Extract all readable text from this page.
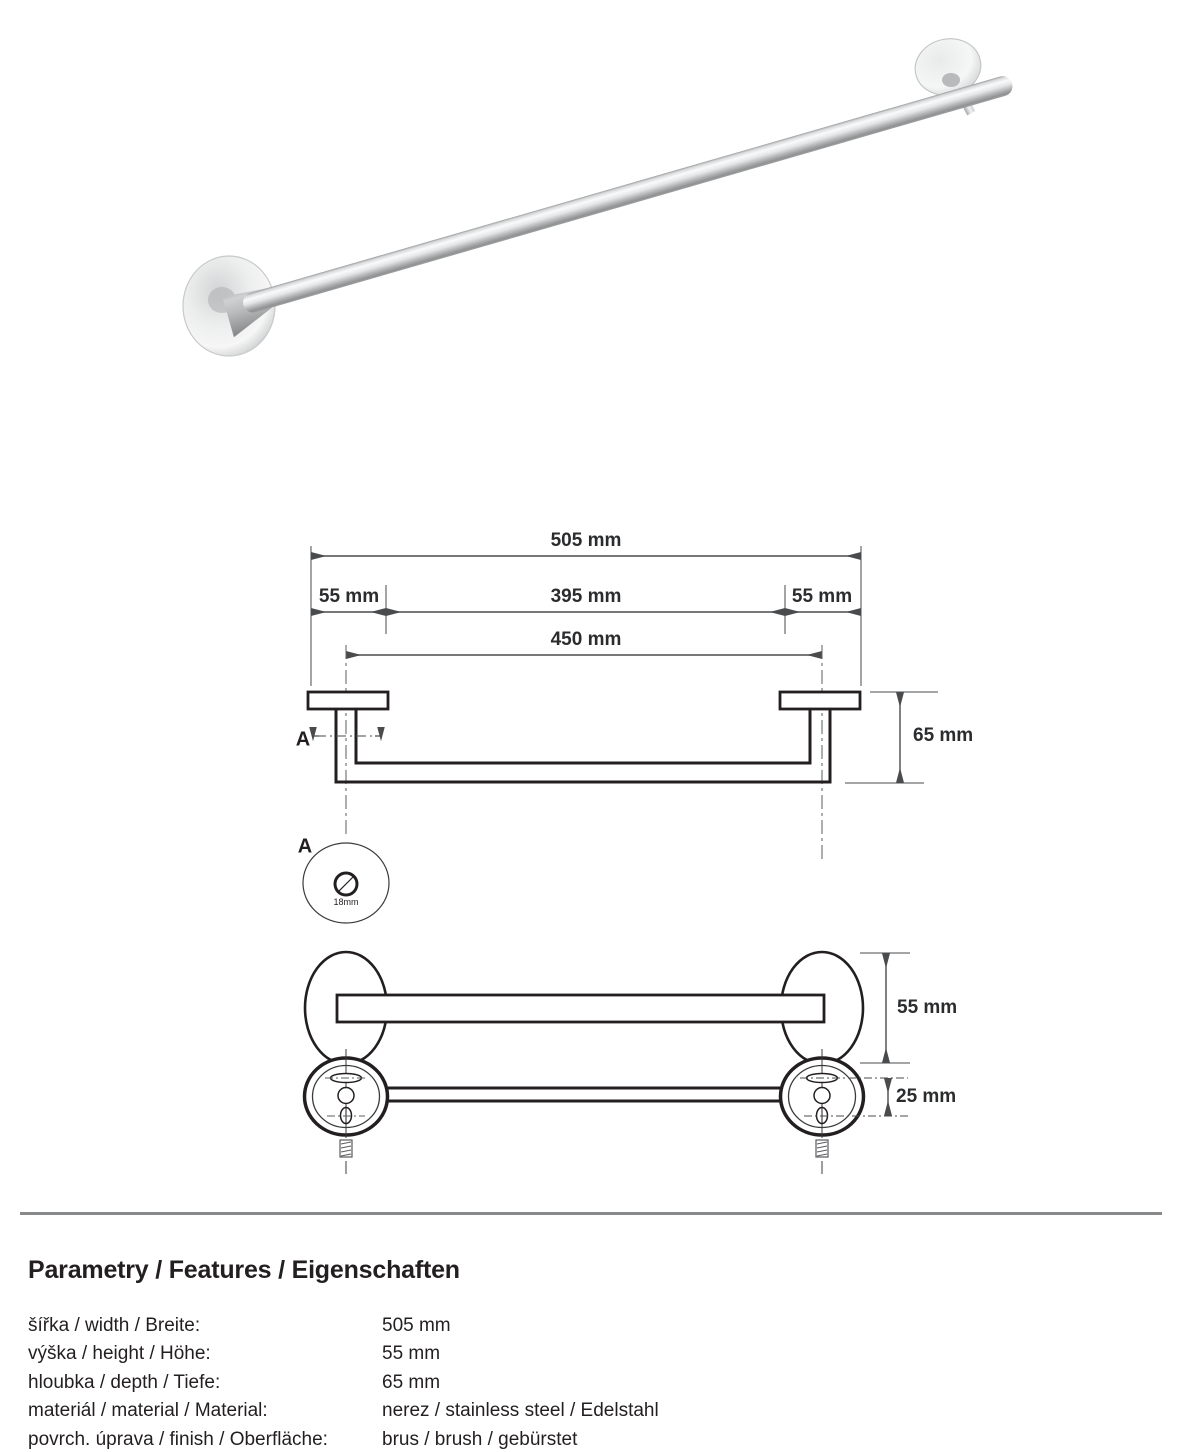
505 mm
55 mm	395 mm	55 mm
450 mm
65 mm
A
A
18mm
55 mm
25 mm
Parametry / Features / Eigenschaften
šířka / width / Breite:	505 mm
výška / height / Höhe:	55 mm
hloubka / depth / Tiefe:	65 mm
materiál / material / Material:	nerez / stainless steel / Edelstahl
povrch. úprava / finish / Oberfläche:	brus / brush / gebürstet
